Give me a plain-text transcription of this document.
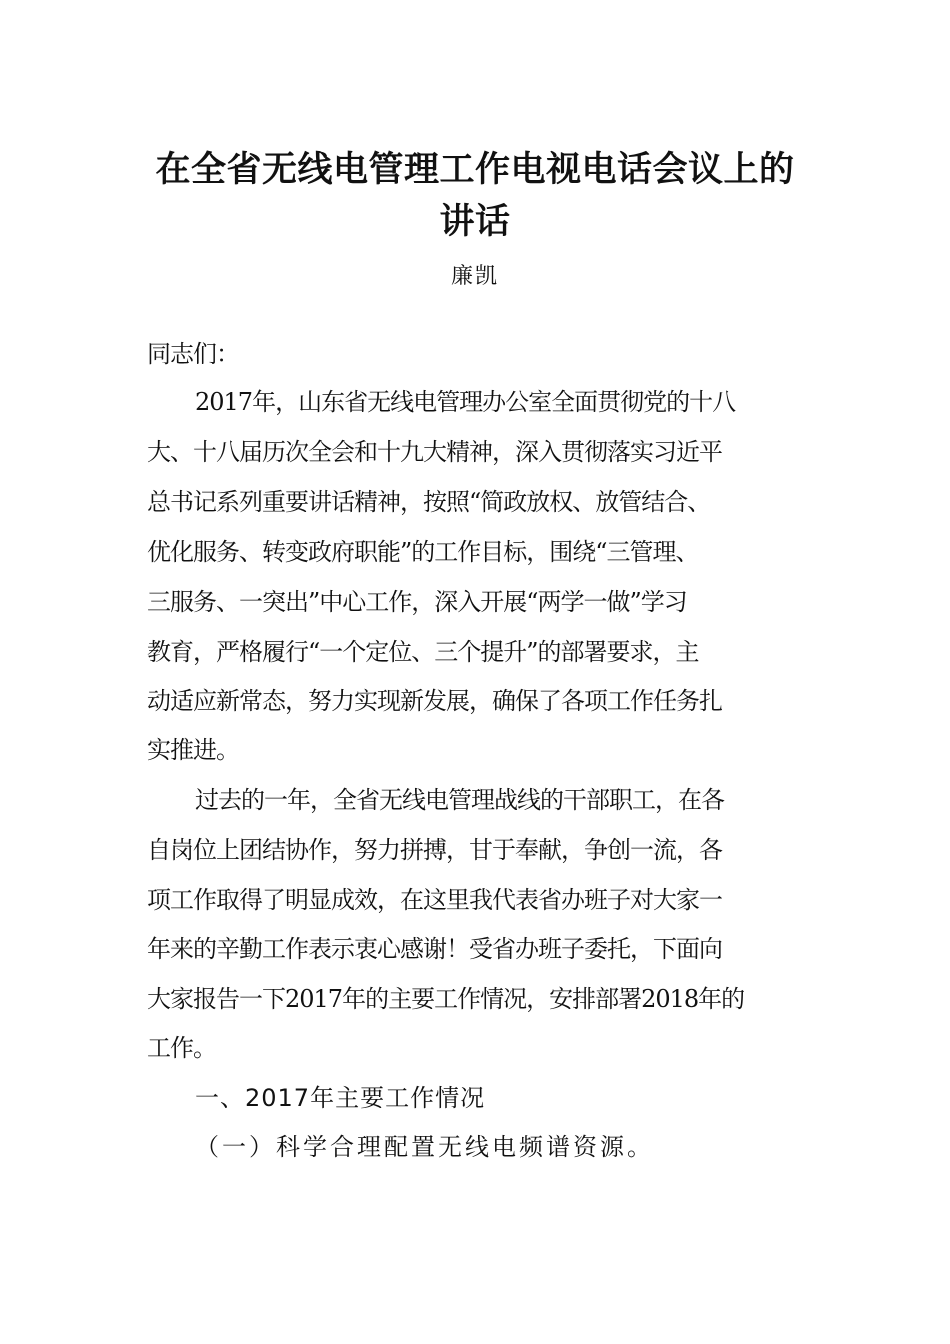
在全省无线电管理工作电视电话会议上的
讲话
廉凯
同志们：
2017年，山东省无线电管理办公室全面贯彻党的十八
大、十八届历次全会和十九大精神，深入贯彻落实习近平
总书记系列重要讲话精神，按照“简政放权、放管结合、
优化服务、转变政府职能”的工作目标，围绕“三管理、
三服务、一突出”中心工作，深入开展“两学一做”学习
教育，严格履行“一个定位、三个提升”的部署要求，主
动适应新常态，努力实现新发展，确保了各项工作任务扎
实推进。
过去的一年，全省无线电管理战线的干部职工，在各
自岗位上团结协作，努力拼搏，甘于奉献，争创一流，各
项工作取得了明显成效，在这里我代表省办班子对大家一
年来的辛勤工作表示衷心感谢！受省办班子委托，下面向
大家报告一下2017年的主要工作情况，安排部署2018年的
工作。
一、2017年主要工作情况
（一）科学合理配置无线电频谱资源。
